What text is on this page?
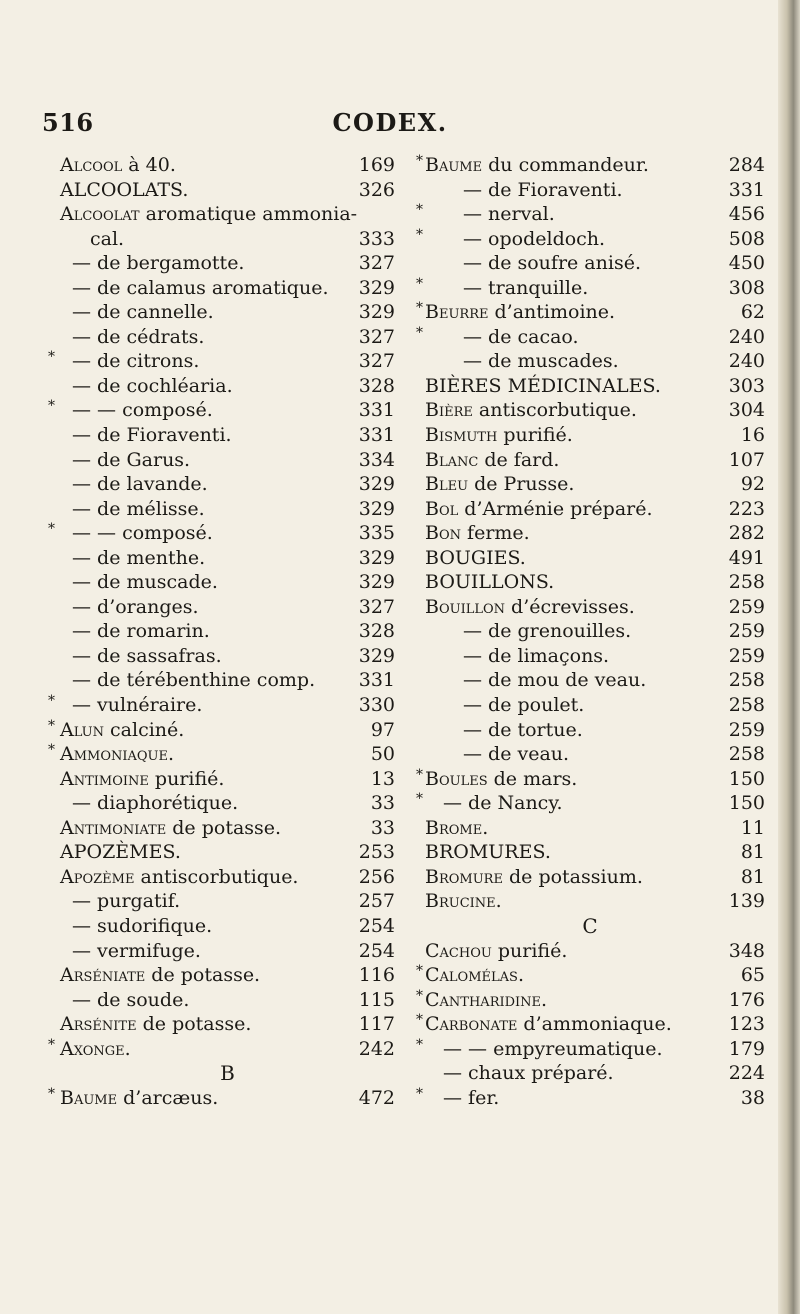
516	CODEX.
Alcool à 40.	169
ALCOOLATS.	326
Alcoolat aromatique ammonia-
cal.	333
— de bergamotte.	327
— de calamus aromatique. 329
— de cannelle.	329
— de cédrats.	327
* — de citrons.	327
— de cochléaria.	328
* — — composé.	331
— de Fioraventi.	331
— de Garus.	334
— de lavande.	329
— de mélisse.	329
* — — composé.	335
— de menthe.	329
— de muscade.	329
— d’oranges.	327
— de romarin.	328
— de sassafras.	329
— de térébenthine comp. 331
* — vulnéraire.	330
* Alun calciné.	97
* Ammoniaque.	50
Antimoine purifié.	13
— diaphorétique.	33
Antimoniate de potasse.	33
APOZÈMES.	253
Apozème antiscorbutique.	256
— purgatif.	257
— sudorifique.	254
— vermifuge.	254
Arséniate de potasse.	116
— de soude.	115
Arsénite de potasse.	117
* Axonge.	242
B
* Baume d’arcæus.	472
* Baume du commandeur.	284
— de Fioraventi.	331
* — nerval.	456
* — opodeldoch.	508
— de soufre anisé.	450
* — tranquille.	308
* Beurre d’antimoine.	62
* — de cacao.	240
— de muscades.	240
BIÈRES MÉDICINALES.	303
Bière antiscorbutique.	304
Bismuth purifié.	16
Blanc de fard.	107
Bleu de Prusse.	92
Bol d’Arménie préparé.	223
Bon ferme.	282
BOUGIES.	491
BOUILLONS.	258
Bouillon d’écrevisses.	259
— de grenouilles.	259
— de limaçons.	259
— de mou de veau.	258
— de poulet.	258
— de tortue.	259
— de veau.	258
* Boules de mars.	150
* — de Nancy.	150
Brome.	11
BROMURES.	81
Bromure de potassium.	81
Brucine.	139
C
Cachou purifié.	348
* Calomélas.	65
* Cantharidine.	176
* Carbonate d’ammoniaque.	123
* — — empyreumatique.	179
— chaux préparé.	224
* — fer.	38
